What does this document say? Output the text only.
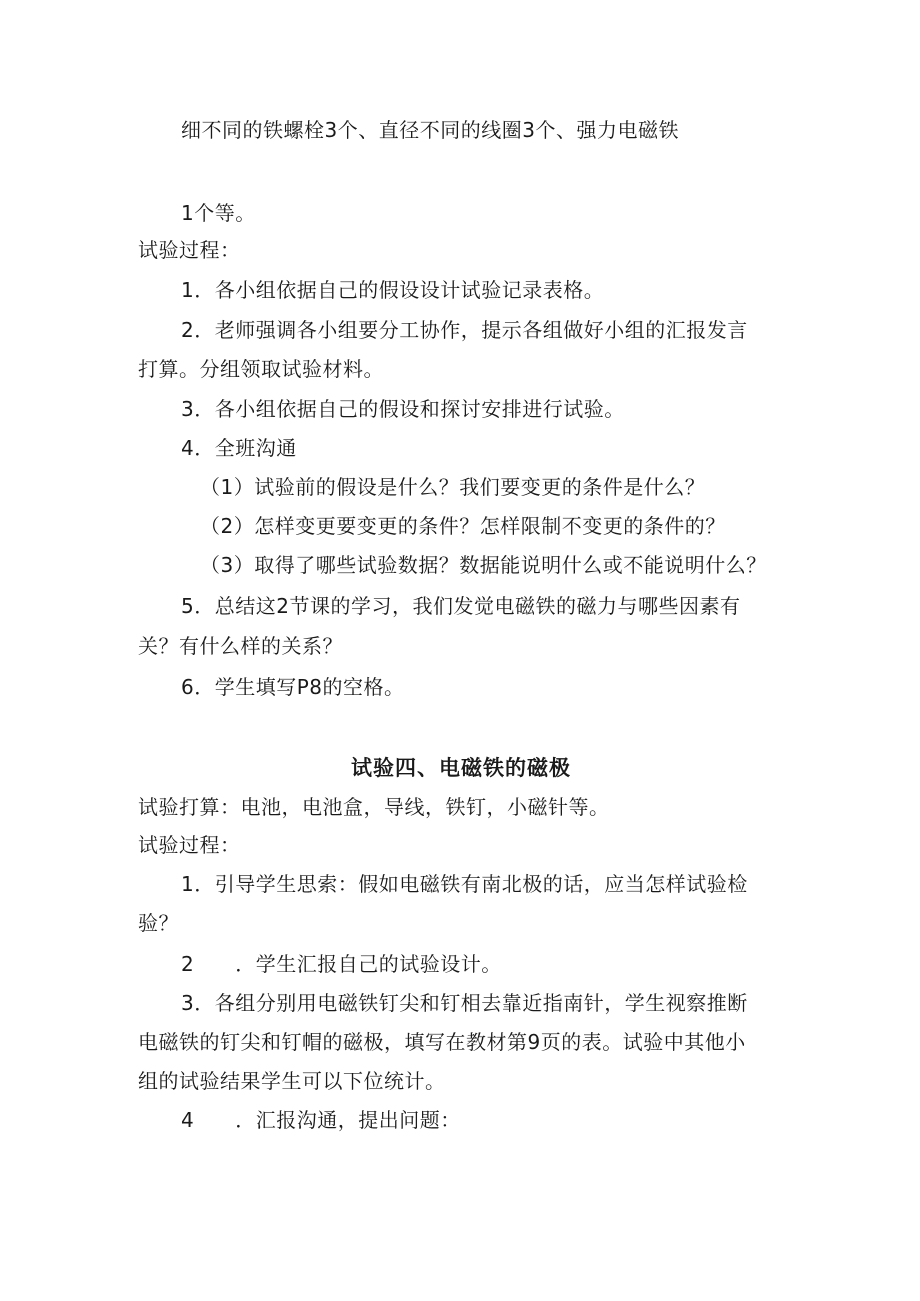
细不同的铁螺栓3个、直径不同的线圈3个、强力电磁铁
1个等。
试验过程：
1．各小组依据自己的假设设计试验记录表格。
2．老师强调各小组要分工协作，提示各组做好小组的汇报发言
打算。分组领取试验材料。
3．各小组依据自己的假设和探讨安排进行试验。
4．全班沟通
（1）试验前的假设是什么？我们要变更的条件是什么？
（2）怎样变更要变更的条件？怎样限制不变更的条件的？
（3）取得了哪些试验数据？数据能说明什么或不能说明什么？
5．总结这2节课的学习，我们发觉电磁铁的磁力与哪些因素有
关？有什么样的关系？
6．学生填写P8的空格。
试验四、电磁铁的磁极
试验打算：电池，电池盒，导线，铁钉，小磁针等。
试验过程：
1．引导学生思索：假如电磁铁有南北极的话，应当怎样试验检
验？
2　　．学生汇报自己的试验设计。
3．各组分别用电磁铁钉尖和钉相去靠近指南针，学生视察推断
电磁铁的钉尖和钉帽的磁极，填写在教材第9页的表。试验中其他小
组的试验结果学生可以下位统计。
4　　．汇报沟通，提出问题：
